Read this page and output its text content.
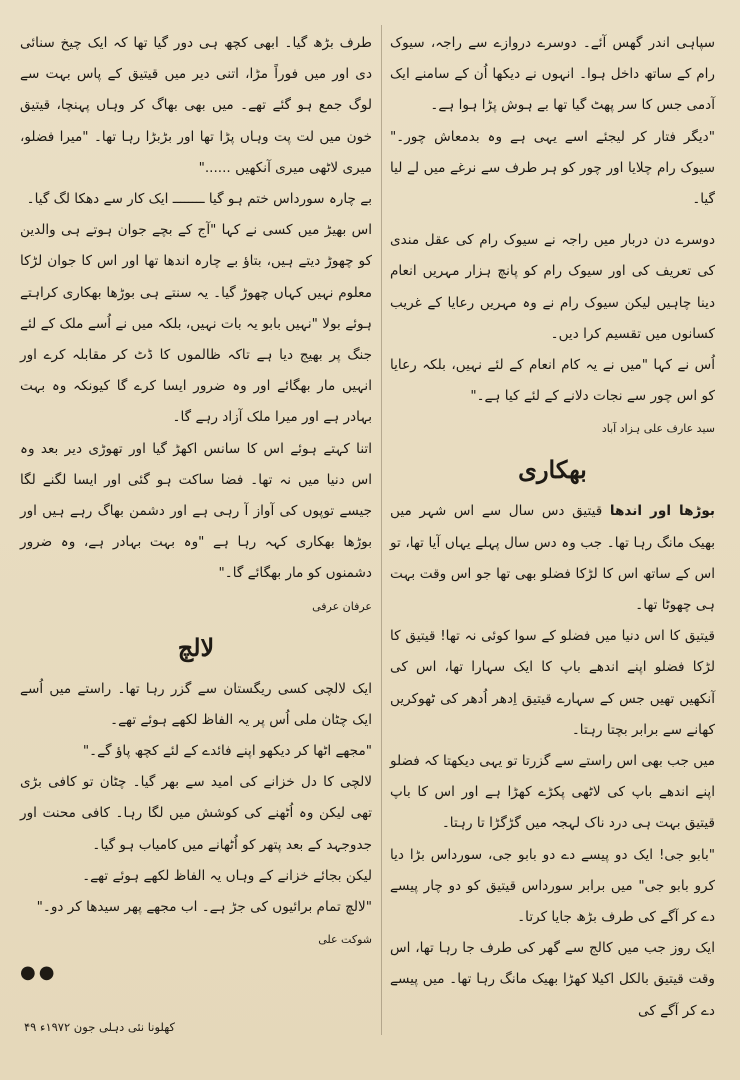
سپاہی اندر گھس آئے۔ دوسرے دروازے سے راجہ، سیوک رام کے ساتھ داخل ہوا۔ انہوں نے دیکھا اُن کے سامنے ایک آدمی جس کا سر پھٹ گیا تھا بے ہوش پڑا ہوا ہے۔

"دیگر فتار کر لیجئے اسے یہی ہے وہ بدمعاش چور۔" سیوک رام چلایا اور چور کو ہر طرف سے نرغے میں لے لیا گیا۔

دوسرے دن دربار میں راجہ نے سیوک رام کی عقل مندی کی تعریف کی اور سیوک رام کو پانچ ہزار مہریں انعام دینا چاہیں لیکن سیوک رام نے وہ مہریں رعایا کے غریب کسانوں میں تقسیم کرا دیں۔

اُس نے کہا "میں نے یہ کام انعام کے لئے نہیں، بلکہ رعایا کو اس چور سے نجات دلانے کے لئے کیا ہے۔"

سید عارف علی ہزاد آباد
بھکاری

بوڑھا اور اندھا قیتیق دس سال سے اس شہر میں بھیک مانگ رہا تھا۔ جب وہ دس سال پہلے یہاں آیا تھا، تو اس کے ساتھ اس کا لڑکا فضلو بھی تھا جو اس وقت بہت ہی چھوٹا تھا۔

قیتیق کا اس دنیا میں فضلو کے سوا کوئی نہ تھا! قیتیق کا لڑکا فضلو اپنے اندھے باپ کا ایک سہارا تھا، اس کی آنکھیں تھیں جس کے سہارے قیتیق اِدھر اُدھر کی ٹھوکریں کھانے سے برابر بچتا رہتا۔

میں جب بھی اس راستے سے گزرتا تو یہی دیکھتا کہ فضلو اپنے اندھے باپ کی لاٹھی پکڑے کھڑا ہے اور اس کا باپ قیتیق بہت ہی درد ناک لہجہ میں گڑگڑا تا رہتا۔

"بابو جی! ایک دو پیسے دے دو بابو جی، سورداس بڑا دیا کرو بابو جی" میں برابر سورداس قیتیق کو دو چار پیسے دے کر آگے کی طرف بڑھ جایا کرتا۔

ایک روز جب میں کالج سے گھر کی طرف جا رہا تھا، اس وقت قیتیق بالکل اکیلا کھڑا بھیک مانگ رہا تھا۔ میں پیسے دے کر آگے کی

طرف بڑھ گیا۔ ابھی کچھ ہی دور گیا تھا کہ ایک چیخ سنائی دی اور میں فوراً مڑا، اتنی دیر میں قیتیق کے پاس بہت سے لوگ جمع ہو گئے تھے۔ میں بھی بھاگ کر وہاں پہنچا، قیتیق خون میں لت پت وہاں پڑا تھا اور بڑبڑا رہا تھا۔ "میرا فضلو، میری لاٹھی میری آنکھیں ......"

بے چارہ سورداس ختم ہو گیا ــــــــ ایک کار سے دھکا لگ گیا۔

اس بھیڑ میں کسی نے کہا "آج کے بچے جوان ہوتے ہی والدین کو چھوڑ دیتے ہیں، بتاؤ بے چارہ اندھا تھا اور اس کا جوان لڑکا معلوم نہیں کہاں چھوڑ گیا۔ یہ سنتے ہی بوڑھا بھکاری کراہتے ہوئے بولا "نہیں بابو یہ بات نہیں، بلکہ میں نے اُسے ملک کے لئے جنگ پر بھیج دیا ہے تاکہ ظالموں کا ڈٹ کر مقابلہ کرے اور انہیں مار بھگائے اور وہ ضرور ایسا کرے گا کیونکہ وہ بہت بہادر ہے اور میرا ملک آزاد رہے گا۔

اتنا کہتے ہوئے اس کا سانس اکھڑ گیا اور تھوڑی دیر بعد وہ اس دنیا میں نہ تھا۔ فضا ساکت ہو گئی اور ایسا لگنے لگا جیسے توپوں کی آواز آ رہی ہے اور دشمن بھاگ رہے ہیں اور بوڑھا بھکاری کہہ رہا ہے "وہ بہت بہادر ہے، وہ ضرور دشمنوں کو مار بھگائے گا۔"

عرفان عرفی
لالچ

ایک لالچی کسی ریگستان سے گزر رہا تھا۔ راستے میں اُسے ایک چٹان ملی اُس پر یہ الفاظ لکھے ہوئے تھے۔

"مجھے اٹھا کر دیکھو اپنے فائدے کے لئے کچھ پاؤ گے۔"

لالچی کا دل خزانے کی امید سے بھر گیا۔ چٹان تو کافی بڑی تھی لیکن وہ اُٹھنے کی کوشش میں لگا رہا۔ کافی محنت اور جدوجہد کے بعد پتھر کو اُٹھانے میں کامیاب ہو گیا۔

لیکن بجائے خزانے کے وہاں یہ الفاظ لکھے ہوئے تھے۔

"لالچ تمام برائیوں کی جڑ ہے۔ اب مجھے پھر سیدھا کر دو۔"

شوکت علی
●●
کھلونا نئی دہلی جون ۱۹۷۲ء ۴۹
